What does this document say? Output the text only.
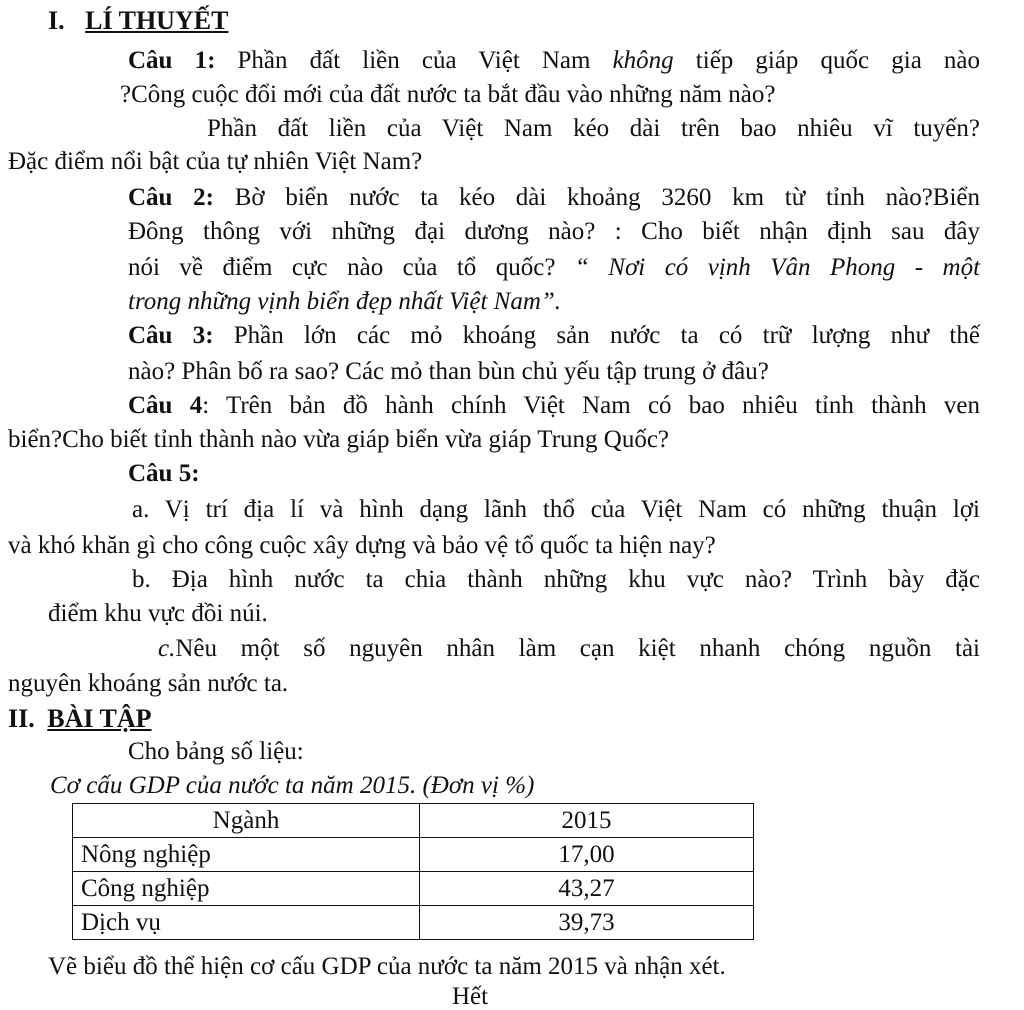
I. LÍ THUYẾT
Câu 1: Phần đất liền của Việt Nam không tiếp giáp quốc gia nào
?Công cuộc đổi mới của đất nước ta bắt đầu vào những năm nào?
Phần đất liền của Việt Nam kéo dài trên bao nhiêu vĩ tuyến?
Đặc điểm nổi bật của tự nhiên Việt Nam?
Câu 2: Bờ biển nước ta kéo dài khoảng 3260 km từ tỉnh nào?Biển
Đông thông với những đại dương nào? : Cho biết nhận định sau đây
nói về điểm cực nào của tổ quốc? “ Nơi có vịnh Vân Phong - một
trong những vịnh biển đẹp nhất Việt Nam”.
Câu 3: Phần lớn các mỏ khoáng sản nước ta có trữ lượng như thế
nào? Phân bố ra sao? Các mỏ than bùn chủ yếu tập trung ở đâu?
Câu 4: Trên bản đồ hành chính Việt Nam có bao nhiêu tỉnh thành ven
biển?Cho biết tỉnh thành nào vừa giáp biển vừa giáp Trung Quốc?
Câu 5:
a. Vị trí địa lí và hình dạng lãnh thổ của Việt Nam có những thuận lợi
và khó khăn gì cho công cuộc xây dựng và bảo vệ tổ quốc ta hiện nay?
b. Địa hình nước ta chia thành những khu vực nào? Trình bày đặc
điểm khu vực đồi núi.
c.Nêu một số nguyên nhân làm cạn kiệt nhanh chóng nguồn tài
nguyên khoáng sản nước ta.
II. BÀI TẬP
Cho bảng số liệu:
Cơ cấu GDP của nước ta năm 2015. (Đơn vị %)
Ngành	2015
Nông nghiệp	17,00
Công nghiệp	43,27
Dịch vụ	39,73
Vẽ biểu đồ thể hiện cơ cấu GDP của nước ta năm 2015 và nhận xét.
Hết
